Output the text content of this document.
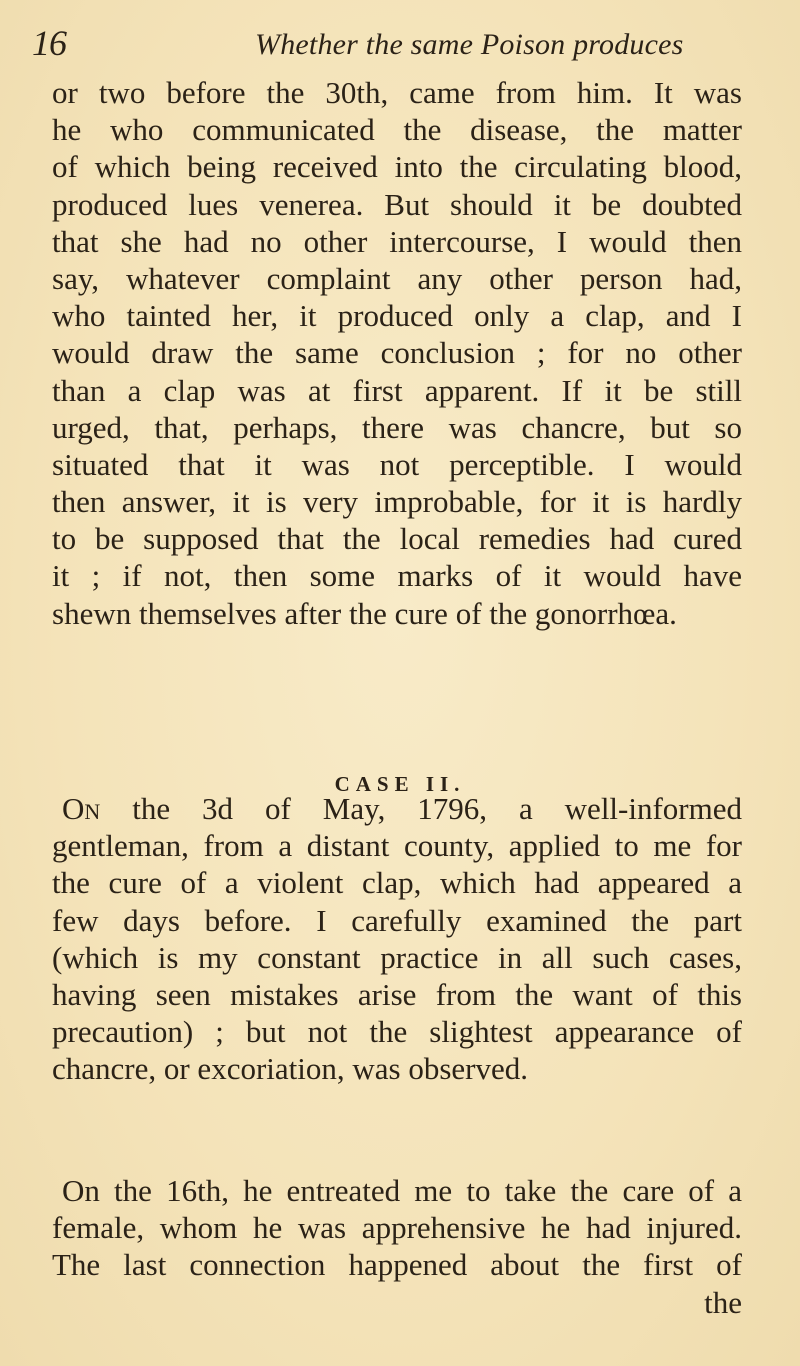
16	Whether the same Poison produces
or two before the 30th, came from him. It was
he who communicated the disease, the matter
of which being received into the circulating blood,
produced lues venerea. But should it be doubted
that she had no other intercourse, I would then
say, whatever complaint any other person had,
who tainted her, it produced only a clap, and I
would draw the same conclusion ; for no other
than a clap was at first apparent. If it be still
urged, that, perhaps, there was chancre, but so
situated that it was not perceptible. I would
then answer, it is very improbable, for it is hardly
to be supposed that the local remedies had cured
it ; if not, then some marks of it would have
shewn themselves after the cure of the gonorrhœa.
CASE II.
On the 3d of May, 1796, a well-informed
gentleman, from a distant county, applied to me for
the cure of a violent clap, which had appeared a
few days before. I carefully examined the part
(which is my constant practice in all such cases,
having seen mistakes arise from the want of this
precaution) ; but not the slightest appearance of
chancre, or excoriation, was observed.
On the 16th, he entreated me to take the care of a
female, whom he was apprehensive he had injured.
The last connection happened about the first of
the
